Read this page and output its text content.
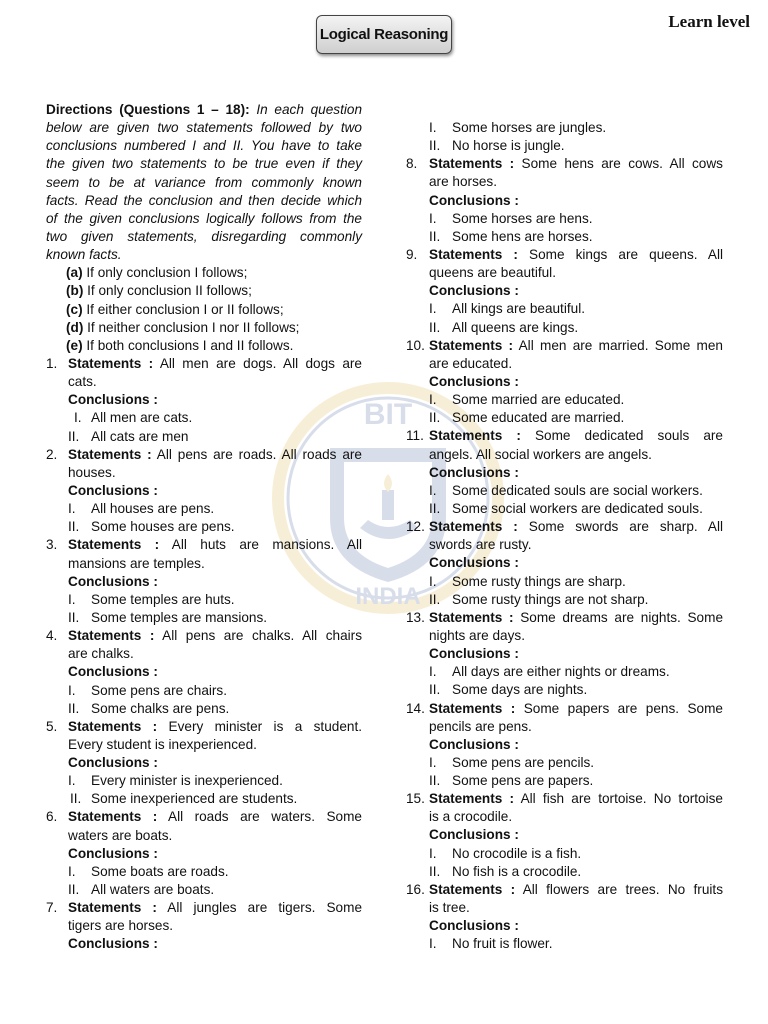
Logical Reasoning
Learn level
BIT
INDIA
Directions (Questions 1 – 18): In each question
below are given two statements followed by two
conclusions numbered I and II. You have to take
the given two statements to be true even if they
seem to be at variance from commonly known
facts. Read the conclusion and then decide which
of the given conclusions logically follows from the
two given statements, disregarding commonly
known facts.
(a) If only conclusion I follows;
(b) If only conclusion II follows;
(c) If either conclusion I or II follows;
(d) If neither conclusion I nor II follows;
(e) If both conclusions I and II follows.
1. Statements : All men are dogs. All dogs are
cats.
Conclusions :
I. All men are cats.
II. All cats are men
2. Statements : All pens are roads. All roads are
houses.
Conclusions :
I. All houses are pens.
II. Some houses are pens.
3. Statements : All huts are mansions. All
mansions are temples.
Conclusions :
I. Some temples are huts.
II. Some temples are mansions.
4. Statements : All pens are chalks. All chairs
are chalks.
Conclusions :
I. Some pens are chairs.
II. Some chalks are pens.
5. Statements : Every minister is a student.
Every student is inexperienced.
Conclusions :
I. Every minister is inexperienced.
II. Some inexperienced are students.
6. Statements : All roads are waters. Some
waters are boats.
Conclusions :
I. Some boats are roads.
II. All waters are boats.
7. Statements : All jungles are tigers. Some
tigers are horses.
Conclusions :
I. Some horses are jungles.
II. No horse is jungle.
8. Statements : Some hens are cows. All cows
are horses.
Conclusions :
I. Some horses are hens.
II. Some hens are horses.
9. Statements : Some kings are queens. All
queens are beautiful.
Conclusions :
I. All kings are beautiful.
II. All queens are kings.
10. Statements : All men are married. Some men
are educated.
Conclusions :
I. Some married are educated.
II. Some educated are married.
11. Statements : Some dedicated souls are
angels. All social workers are angels.
Conclusions :
I. Some dedicated souls are social workers.
II. Some social workers are dedicated souls.
12. Statements : Some swords are sharp. All
swords are rusty.
Conclusions :
I. Some rusty things are sharp.
II. Some rusty things are not sharp.
13. Statements : Some dreams are nights. Some
nights are days.
Conclusions :
I. All days are either nights or dreams.
II. Some days are nights.
14. Statements : Some papers are pens. Some
pencils are pens.
Conclusions :
I. Some pens are pencils.
II. Some pens are papers.
15. Statements : All fish are tortoise. No tortoise
is a crocodile.
Conclusions :
I. No crocodile is a fish.
II. No fish is a crocodile.
16. Statements : All flowers are trees. No fruits
is tree.
Conclusions :
I. No fruit is flower.
